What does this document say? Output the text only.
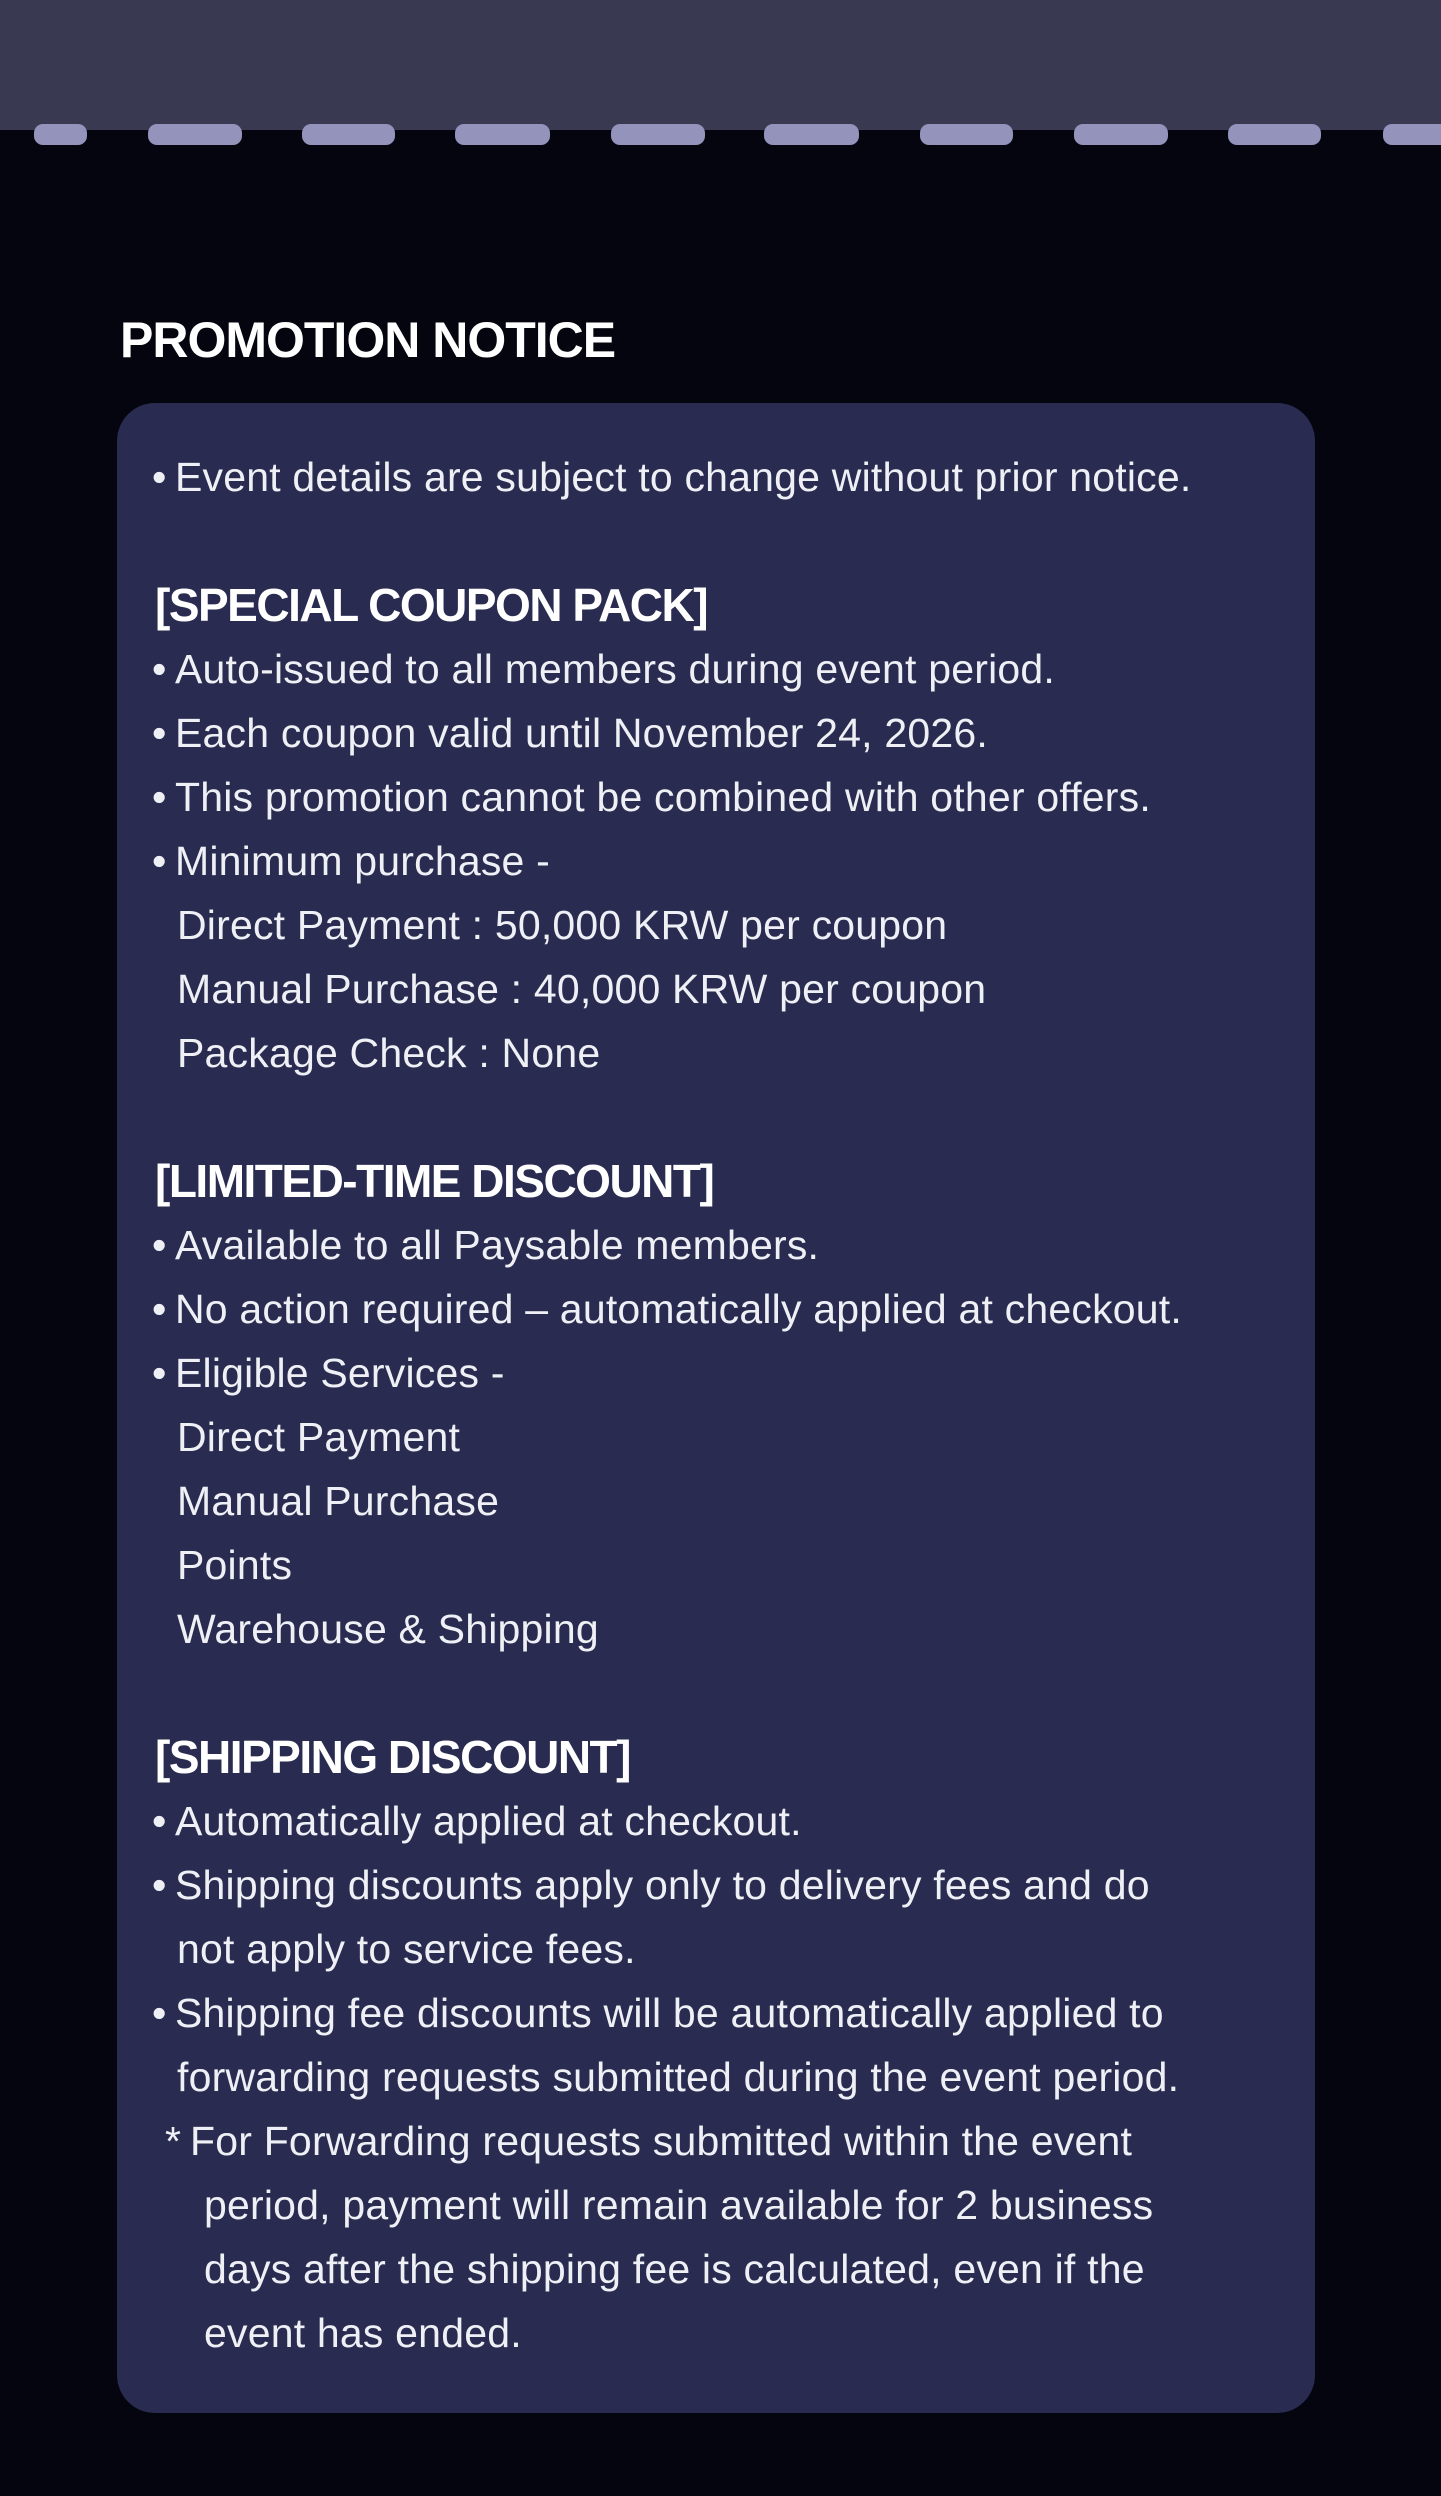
PROMOTION NOTICE
• Event details are subject to change without prior notice.
[SPECIAL COUPON PACK]
• Auto-issued to all members during event period.
• Each coupon valid until November 24, 2026.
• This promotion cannot be combined with other offers.
• Minimum purchase -
Direct Payment : 50,000 KRW per coupon
Manual Purchase : 40,000 KRW per coupon
Package Check : None
[LIMITED-TIME DISCOUNT]
• Available to all Paysable members.
• No action required – automatically applied at checkout.
• Eligible Services -
Direct Payment
Manual Purchase
Points
Warehouse & Shipping
[SHIPPING DISCOUNT]
• Automatically applied at checkout.
• Shipping discounts apply only to delivery fees and do
not apply to service fees.
• Shipping fee discounts will be automatically applied to
forwarding requests submitted during the event period.
* For Forwarding requests submitted within the event
period, payment will remain available for 2 business
days after the shipping fee is calculated, even if the
event has ended.
